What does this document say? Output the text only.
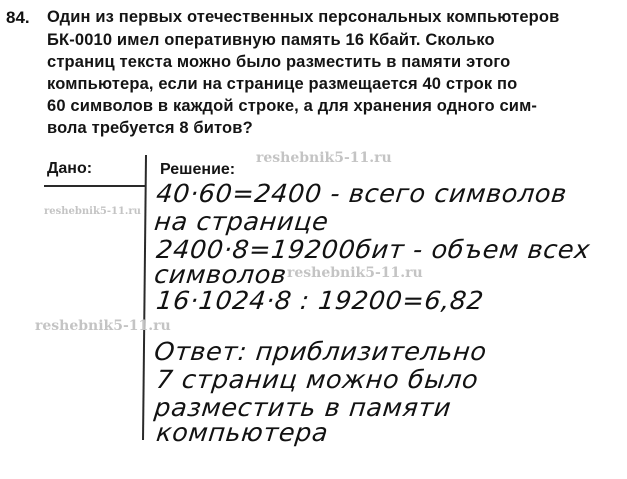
84. Один из первых отечественных персональных компьютеров
БК-0010 имел оперативную память 16 Кбайт. Сколько
страниц текста можно было разместить в памяти этого
компьютера, если на странице размещается 40 строк по
60 символов в каждой строке, а для хранения одного сим-
вола требуется 8 битов?
Дано:	Решение:
40·60=2400 - всего символов
на странице
2400·8=19200бит - объем всех
символов
16·1024·8 : 19200=6,82
Ответ: приблизительно
7 страниц можно было
разместить в памяти
компьютера
reshebnik5-11.ru
reshebnik5-11.ru
reshebnik5-11.ru
reshebnik5-11.ru
